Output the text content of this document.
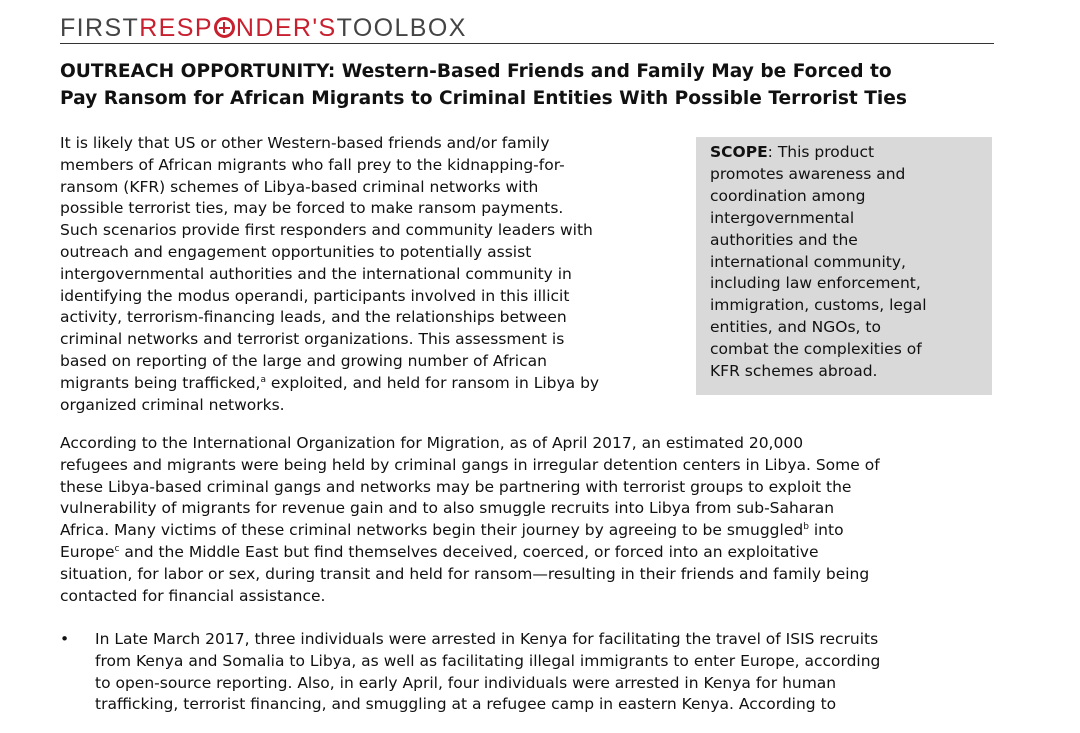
FIRSTRESP NDER'STOOLBOX
OUTREACH OPPORTUNITY: Western-Based Friends and Family May be Forced to
Pay Ransom for African Migrants to Criminal Entities With Possible Terrorist Ties
It is likely that US or other Western-based friends and/or family
members of African migrants who fall prey to the kidnapping-for-
ransom (KFR) schemes of Libya-based criminal networks with
possible terrorist ties, may be forced to make ransom payments.
Such scenarios provide first responders and community leaders with
outreach and engagement opportunities to potentially assist
intergovernmental authorities and the international community in
identifying the modus operandi, participants involved in this illicit
activity, terrorism-financing leads, and the relationships between
criminal networks and terrorist organizations. This assessment is
based on reporting of the large and growing number of African
migrants being trafficked,$^a$ exploited, and held for ransom in Libya by
organized criminal networks.
SCOPE: This product
promotes awareness and
coordination among
intergovernmental
authorities and the
international community,
including law enforcement,
immigration, customs, legal
entities, and NGOs, to
combat the complexities of
KFR schemes abroad.
According to the International Organization for Migration, as of April 2017, an estimated 20,000
refugees and migrants were being held by criminal gangs in irregular detention centers in Libya. Some of
these Libya-based criminal gangs and networks may be partnering with terrorist groups to exploit the
vulnerability of migrants for revenue gain and to also smuggle recruits into Libya from sub-Saharan
Africa. Many victims of these criminal networks begin their journey by agreeing to be smuggled$^b$ into
Europe$^c$ and the Middle East but find themselves deceived, coerced, or forced into an exploitative
situation, for labor or sex, during transit and held for ransom—resulting in their friends and family being
contacted for financial assistance.
• In Late March 2017, three individuals were arrested in Kenya for facilitating the travel of ISIS recruits
from Kenya and Somalia to Libya, as well as facilitating illegal immigrants to enter Europe, according
to open-source reporting. Also, in early April, four individuals were arrested in Kenya for human
trafficking, terrorist financing, and smuggling at a refugee camp in eastern Kenya. According to
